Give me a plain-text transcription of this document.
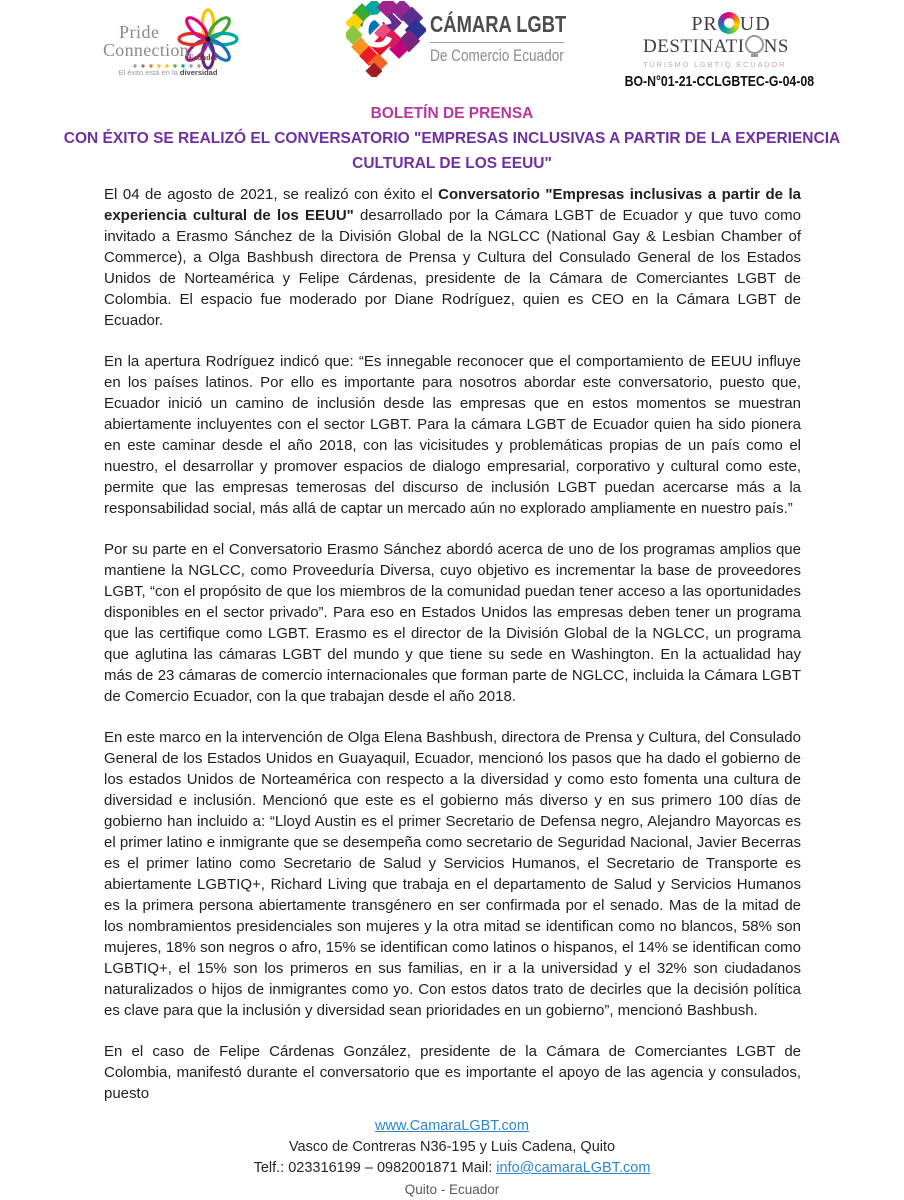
Pride
Connection Ecuador
El éxito está en la diversidad
C CÁMARA LGBT
De Comercio Ecuador
PR UD
DESTINATI NS
TURISMO LGBTIQ ECUADOR
BO-N°01-21-CCLGBTEC-G-04-08
BOLETÍN DE PRENSA
CON ÉXITO SE REALIZÓ EL CONVERSATORIO "EMPRESAS INCLUSIVAS A PARTIR DE LA EXPERIENCIA
CULTURAL DE LOS EEUU"

El 04 de agosto de 2021, se realizó con éxito el Conversatorio "Empresas inclusivas a partir de la experiencia cultural de los EEUU" desarrollado por la Cámara LGBT de Ecuador y que tuvo como invitado a Erasmo Sánchez de la División Global de la NGLCC (National Gay & Lesbian Chamber of Commerce), a Olga Bashbush directora de Prensa y Cultura del Consulado General de los Estados Unidos de Norteamérica y Felipe Cárdenas, presidente de la Cámara de Comerciantes LGBT de Colombia. El espacio fue moderado por Diane Rodríguez, quien es CEO en la Cámara LGBT de Ecuador.

En la apertura Rodríguez indicó que: “Es innegable reconocer que el comportamiento de EEUU influye en los países latinos. Por ello es importante para nosotros abordar este conversatorio, puesto que, Ecuador inició un camino de inclusión desde las empresas que en estos momentos se muestran abiertamente incluyentes con el sector LGBT. Para la cámara LGBT de Ecuador quien ha sido pionera en este caminar desde el año 2018, con las vicisitudes y problemáticas propias de un país como el nuestro, el desarrollar y promover espacios de dialogo empresarial, corporativo y cultural como este, permite que las empresas temerosas del discurso de inclusión LGBT puedan acercarse más a la responsabilidad social, más allá de captar un mercado aún no explorado ampliamente en nuestro país.”

Por su parte en el Conversatorio Erasmo Sánchez abordó acerca de uno de los programas amplios que mantiene la NGLCC, como Proveeduría Diversa, cuyo objetivo es incrementar la base de proveedores LGBT, “con el propósito de que los miembros de la comunidad puedan tener acceso a las oportunidades disponibles en el sector privado”. Para eso en Estados Unidos las empresas deben tener un programa que las certifique como LGBT. Erasmo es el director de la División Global de la NGLCC, un programa que aglutina las cámaras LGBT del mundo y que tiene su sede en Washington. En la actualidad hay más de 23 cámaras de comercio internacionales que forman parte de NGLCC, incluida la Cámara LGBT de Comercio Ecuador, con la que trabajan desde el año 2018.

En este marco en la intervención de Olga Elena Bashbush, directora de Prensa y Cultura, del Consulado General de los Estados Unidos en Guayaquil, Ecuador, mencionó los pasos que ha dado el gobierno de los estados Unidos de Norteamérica con respecto a la diversidad y como esto fomenta una cultura de diversidad e inclusión. Mencionó que este es el gobierno más diverso y en sus primero 100 días de gobierno han incluido a: “Lloyd Austin es el primer Secretario de Defensa negro, Alejandro Mayorcas es el primer latino e inmigrante que se desempeña como secretario de Seguridad Nacional, Javier Becerras es el primer latino como Secretario de Salud y Servicios Humanos, el Secretario de Transporte es abiertamente LGBTIQ+, Richard Living que trabaja en el departamento de Salud y Servicios Humanos es la primera persona abiertamente transgénero en ser confirmada por el senado. Mas de la mitad de los nombramientos presidenciales son mujeres y la otra mitad se identifican como no blancos, 58% son mujeres, 18% son negros o afro, 15% se identifican como latinos o hispanos, el 14% se identifican como LGBTIQ+, el 15% son los primeros en sus familias, en ir a la universidad y el 32% son ciudadanos naturalizados o hijos de inmigrantes como yo. Con estos datos trato de decirles que la decisión política es clave para que la inclusión y diversidad sean prioridades en un gobierno”, mencionó Bashbush.

En el caso de Felipe Cárdenas González, presidente de la Cámara de Comerciantes LGBT de Colombia, manifestó durante el conversatorio que es importante el apoyo de las agencia y consulados, puesto

www.CamaraLGBT.com
Vasco de Contreras N36-195 y Luis Cadena, Quito
Telf.: 023316199 – 0982001871 Mail: info@camaraLGBT.com
Quito - Ecuador
